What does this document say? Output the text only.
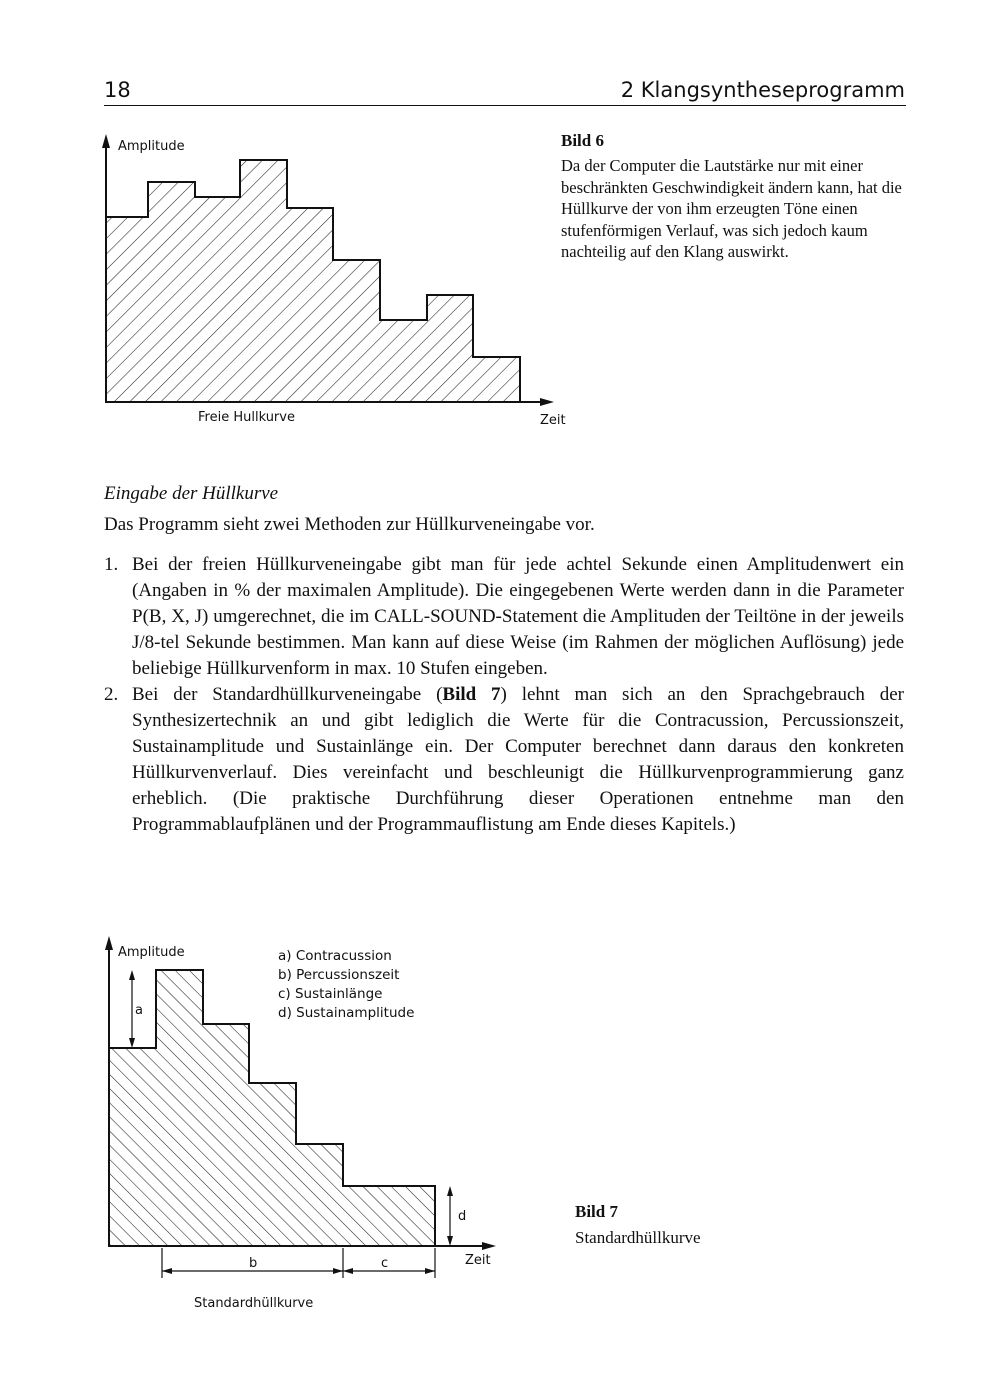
18	2 Klangsyntheseprogramm
Amplitude
Zeit
Freie Hullkurve
Bild 6
Da der Computer die Lautstärke nur mit einer beschränkten Geschwindigkeit ändern kann, hat die Hüllkurve der von ihm erzeugten Töne einen stufenförmigen Verlauf, was sich jedoch kaum nachteilig auf den Klang auswirkt.
Eingabe der Hüllkurve
Das Programm sieht zwei Methoden zur Hüllkurveneingabe vor.
1. Bei der freien Hüllkurveneingabe gibt man für jede achtel Sekunde einen Amplitudenwert ein (Angaben in % der maximalen Amplitude). Die eingegebenen Werte werden dann in die Parameter P(B, X, J) umgerechnet, die im CALL-SOUND-Statement die Amplituden der Teiltöne in der jeweils J/8-tel Sekunde bestimmen. Man kann auf diese Weise (im Rahmen der möglichen Auflösung) jede beliebige Hüllkurvenform in max. 10 Stufen eingeben.
2. Bei der Standardhüllkurveneingabe (Bild 7) lehnt man sich an den Sprachgebrauch der Synthesizertechnik an und gibt lediglich die Werte für die Contracussion, Percussionszeit, Sustainamplitude und Sustainlänge ein. Der Computer berechnet dann daraus den konkreten Hüllkurvenverlauf. Dies vereinfacht und beschleunigt die Hüllkurvenprogrammierung ganz erheblich. (Die praktische Durchführung dieser Operationen entnehme man den Programmablaufplänen und der Programmauflistung am Ende dieses Kapitels.)
Amplitude
Zeit
a
d
b	c
a) Contracussion
b) Percussionszeit
c) Sustainlänge
d) Sustainamplitude
Standardhüllkurve
Bild 7
Standardhüllkurve
